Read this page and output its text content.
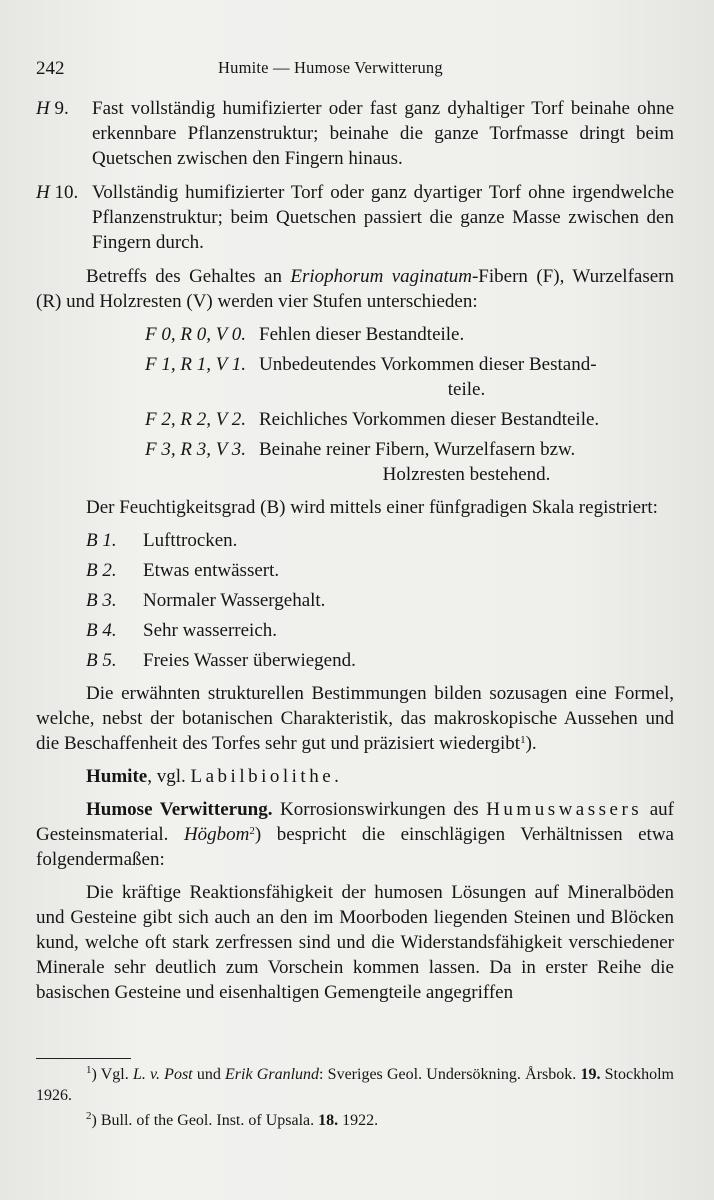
242	Humite — Humose Verwitterung
H 9.	Fast vollständig humifizierter oder fast ganz dyhaltiger Torf beinahe ohne erkennbare Pflanzenstruktur; beinahe die ganze Torfmasse dringt beim Quetschen zwischen den Fingern hinaus.
H 10. Vollständig humifizierter Torf oder ganz dyartiger Torf ohne irgendwelche Pflanzenstruktur; beim Quetschen passiert die ganze Masse zwischen den Fingern durch.

Betreffs des Gehaltes an Eriophorum vaginatum-Fibern (F), Wurzelfasern (R) und Holzresten (V) werden vier Stufen unterschieden:

F 0, R 0, V 0. Fehlen dieser Bestandteile.
F 1, R 1, V 1. Unbedeutendes Vorkommen dieser Bestand-
teile.
F 2, R 2, V 2. Reichliches Vorkommen dieser Bestandteile.
F 3, R 3, V 3. Beinahe reiner Fibern, Wurzelfasern bzw.
Holzresten bestehend.

Der Feuchtigkeitsgrad (B) wird mittels einer fünfgradigen Skala registriert:

B 1.	Lufttrocken.
B 2.	Etwas entwässert.
B 3.	Normaler Wassergehalt.
B 4.	Sehr wasserreich.
B 5.	Freies Wasser überwiegend.

Die erwähnten strukturellen Bestimmungen bilden sozusagen eine Formel, welche, nebst der botanischen Charakteristik, das makroskopische Aussehen und die Beschaffenheit des Torfes sehr gut und präzisiert wiedergibt$^1$).

Humite, vgl. Labilbiolithe.

Humose Verwitterung. Korrosionswirkungen des Humuswassers auf Gesteinsmaterial. Högbom$^2$) bespricht die einschlägigen Verhältnissen etwa folgendermaßen:

Die kräftige Reaktionsfähigkeit der humosen Lösungen auf Mineralböden und Gesteine gibt sich auch an den im Moorboden liegenden Steinen und Blöcken kund, welche oft stark zerfressen sind und die Widerstandsfähigkeit verschiedener Minerale sehr deutlich zum Vorschein kommen lassen. Da in erster Reihe die basischen Gesteine und eisenhaltigen Gemengteile angegriffen

$^1$) Vgl. L. v. Post und Erik Granlund: Sveriges Geol. Undersökning. Årsbok. 19. Stockholm 1926.

$^2$) Bull. of the Geol. Inst. of Upsala. 18. 1922.
